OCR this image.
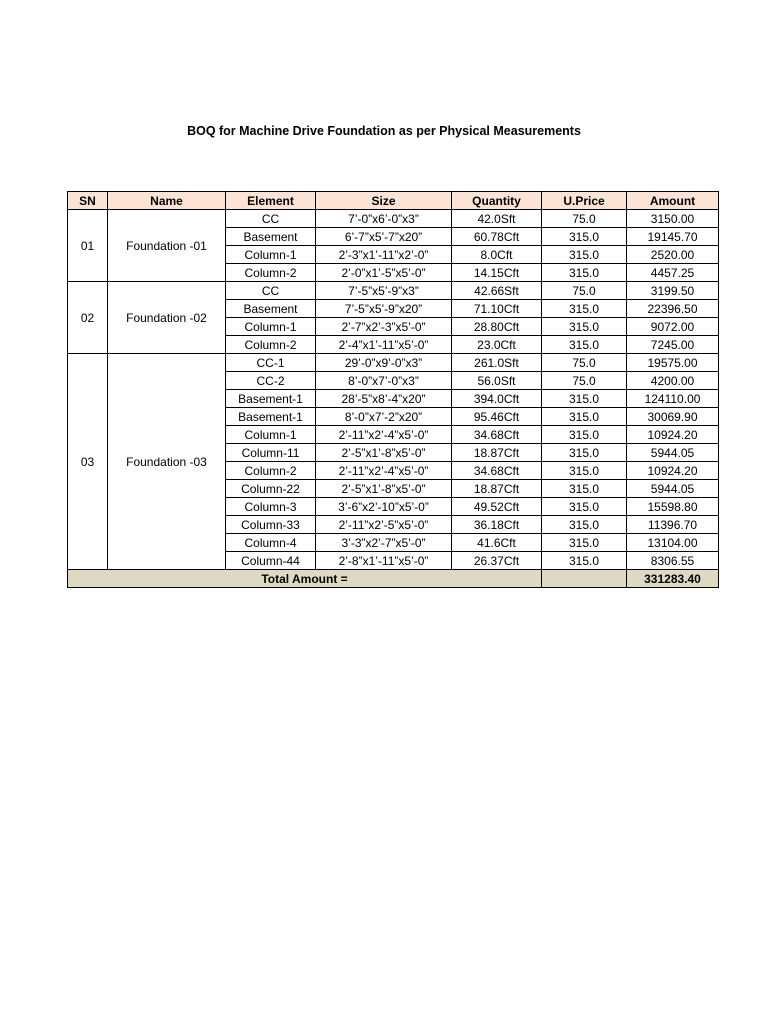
BOQ for Machine Drive Foundation as per Physical Measurements
SN	Name	Element	Size	Quantity	U.Price	Amount
01	Foundation -01	CC	7’-0”x6’-0”x3”	42.0Sft	75.0	3150.00
		Basement	6’-7”x5’-7”x20”	60.78Cft	315.0	19145.70
		Column-1	2’-3”x1’-11”x2’-0”	8.0Cft	315.0	2520.00
		Column-2	2’-0”x1’-5”x5’-0”	14.15Cft	315.0	4457.25
02	Foundation -02	CC	7’-5”x5’-9”x3”	42.66Sft	75.0	3199.50
		Basement	7’-5”x5’-9”x20”	71.10Cft	315.0	22396.50
		Column-1	2’-7”x2’-3”x5’-0”	28.80Cft	315.0	9072.00
		Column-2	2’-4”x1’-11”x5’-0”	23.0Cft	315.0	7245.00
03	Foundation -03	CC-1	29’-0”x9’-0”x3”	261.0Sft	75.0	19575.00
		CC-2	8’-0”x7’-0”x3”	56.0Sft	75.0	4200.00
		Basement-1	28’-5”x8’-4”x20”	394.0Cft	315.0	124110.00
		Basement-1	8’-0”x7’-2”x20”	95.46Cft	315.0	30069.90
		Column-1	2’-11”x2’-4”x5’-0”	34.68Cft	315.0	10924.20
		Column-11	2’-5”x1’-8”x5’-0”	18.87Cft	315.0	5944.05
		Column-2	2’-11”x2’-4”x5’-0”	34.68Cft	315.0	10924.20
		Column-22	2’-5”x1’-8”x5’-0”	18.87Cft	315.0	5944.05
		Column-3	3’-6”x2’-10”x5’-0”	49.52Cft	315.0	15598.80
		Column-33	2’-11”x2’-5”x5’-0”	36.18Cft	315.0	11396.70
		Column-4	3’-3”x2’-7”x5’-0”	41.6Cft	315.0	13104.00
		Column-44	2’-8”x1’-11”x5’-0”	26.37Cft	315.0	8306.55
Total Amount =						331283.40
